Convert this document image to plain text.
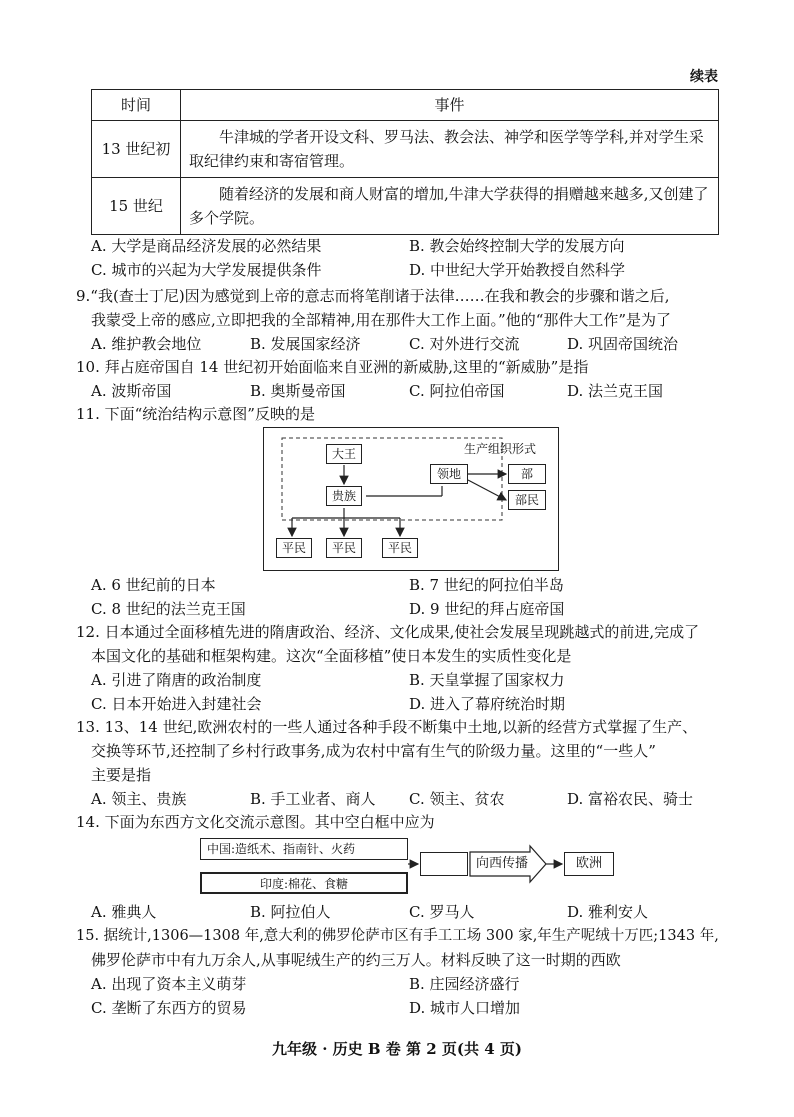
续表
时间	事件
13 世纪初	牛津城的学者开设文科、罗马法、教会法、神学和医学等学科,并对学生采取纪律约束和寄宿管理。
15 世纪	随着经济的发展和商人财富的增加,牛津大学获得的捐赠越来越多,又创建了多个学院。
A. 大学是商品经济发展的必然结果	B. 教会始终控制大学的发展方向
C. 城市的兴起为大学发展提供条件	D. 中世纪大学开始教授自然科学
9.“我(查士丁尼)因为感觉到上帝的意志而将笔削诸于法律……在我和教会的步骤和谐之后,
我蒙受上帝的感应,立即把我的全部精神,用在那件大工作上面。”他的“那件大工作”是为了
A. 维护教会地位	B. 发展国家经济	C. 对外进行交流	D. 巩固帝国统治
10. 拜占庭帝国自 14 世纪初开始面临来自亚洲的新威胁,这里的“新威胁”是指
A. 波斯帝国	B. 奥斯曼帝国	C. 阿拉伯帝国	D. 法兰克王国
11. 下面“统治结构示意图”反映的是
生产组织形式
大王
贵族
领地	部
部民
平民	平民	平民
A. 6 世纪前的日本	B. 7 世纪的阿拉伯半岛
C. 8 世纪的法兰克王国	D. 9 世纪的拜占庭帝国
12. 日本通过全面移植先进的隋唐政治、经济、文化成果,使社会发展呈现跳越式的前进,完成了
本国文化的基础和框架构建。这次“全面移植”使日本发生的实质性变化是
A. 引进了隋唐的政治制度	B. 天皇掌握了国家权力
C. 日本开始进入封建社会	D. 进入了幕府统治时期
13. 13、14 世纪,欧洲农村的一些人通过各种手段不断集中土地,以新的经营方式掌握了生产、
交换等环节,还控制了乡村行政事务,成为农村中富有生气的阶级力量。这里的“一些人”
主要是指
A. 领主、贵族	B. 手工业者、商人 C. 领主、贫农	D. 富裕农民、骑士
14. 下面为东西方文化交流示意图。其中空白框中应为
中国:造纸术、指南针、火药
印度:棉花、食糖
向西传播	欧洲
A. 雅典人	B. 阿拉伯人	C. 罗马人	D. 雅利安人
15. 据统计,1306—1308 年,意大利的佛罗伦萨市区有手工工场 300 家,年生产呢绒十万匹;1343 年,
佛罗伦萨市中有九万余人,从事呢绒生产的约三万人。材料反映了这一时期的西欧
A. 出现了资本主义萌芽	B. 庄园经济盛行
C. 垄断了东西方的贸易	D. 城市人口增加
九年级 · 历史 B 卷 第 2 页(共 4 页)
